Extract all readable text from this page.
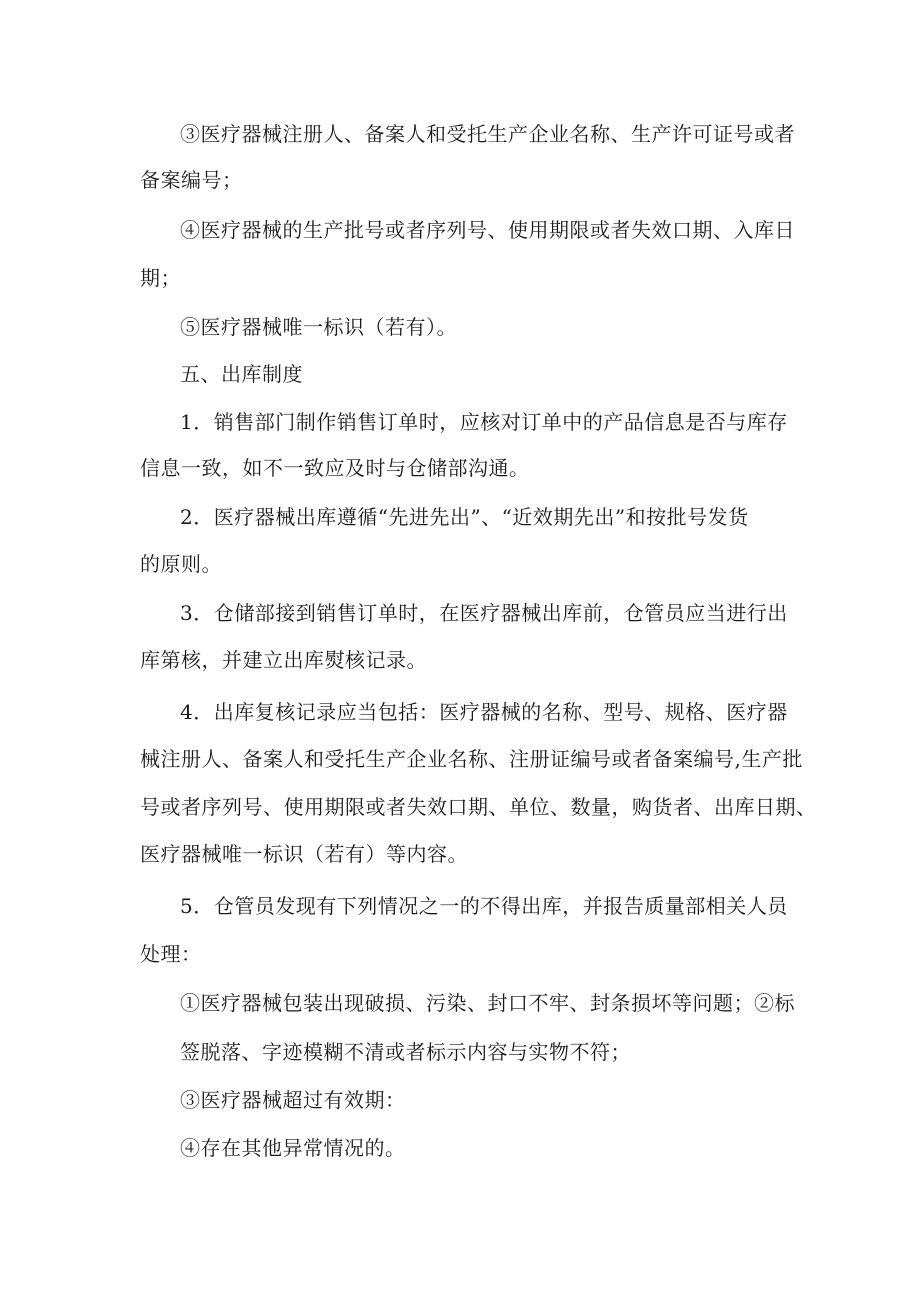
③医疗器械注册人、备案人和受托生产企业名称、生产许可证号或者
备案编号；
④医疗器械的生产批号或者序列号、使用期限或者失效口期、入库日
期；
⑤医疗器械唯一标识（若有）。
五、出库制度
1．销售部门制作销售订单时，应核对订单中的产品信息是否与库存
信息一致，如不一致应及时与仓储部沟通。
2．医疗器械出库遵循“先进先出”、“近效期先出”和按批号发货
的原则。
3．仓储部接到销售订单时，在医疗器械出库前，仓管员应当进行出
库第核，并建立出库熨核记录。
4．出库复核记录应当包括：医疗器械的名称、型号、规格、医疗器
械注册人、备案人和受托生产企业名称、注册证编号或者备案编号,生产批
号或者序列号、使用期限或者失效口期、单位、数量，购货者、出库日期、
医疗器械唯一标识（若有）等内容。
5．仓管员发现有下列情况之一的不得出库，并报告质量部相关人员
处理：
①医疗器械包装出现破损、污染、封口不牢、封条损坏等问题；②标
签脱落、字迹模糊不清或者标示内容与实物不符；
③医疗器械超过有效期：
④存在其他异常情况的。
